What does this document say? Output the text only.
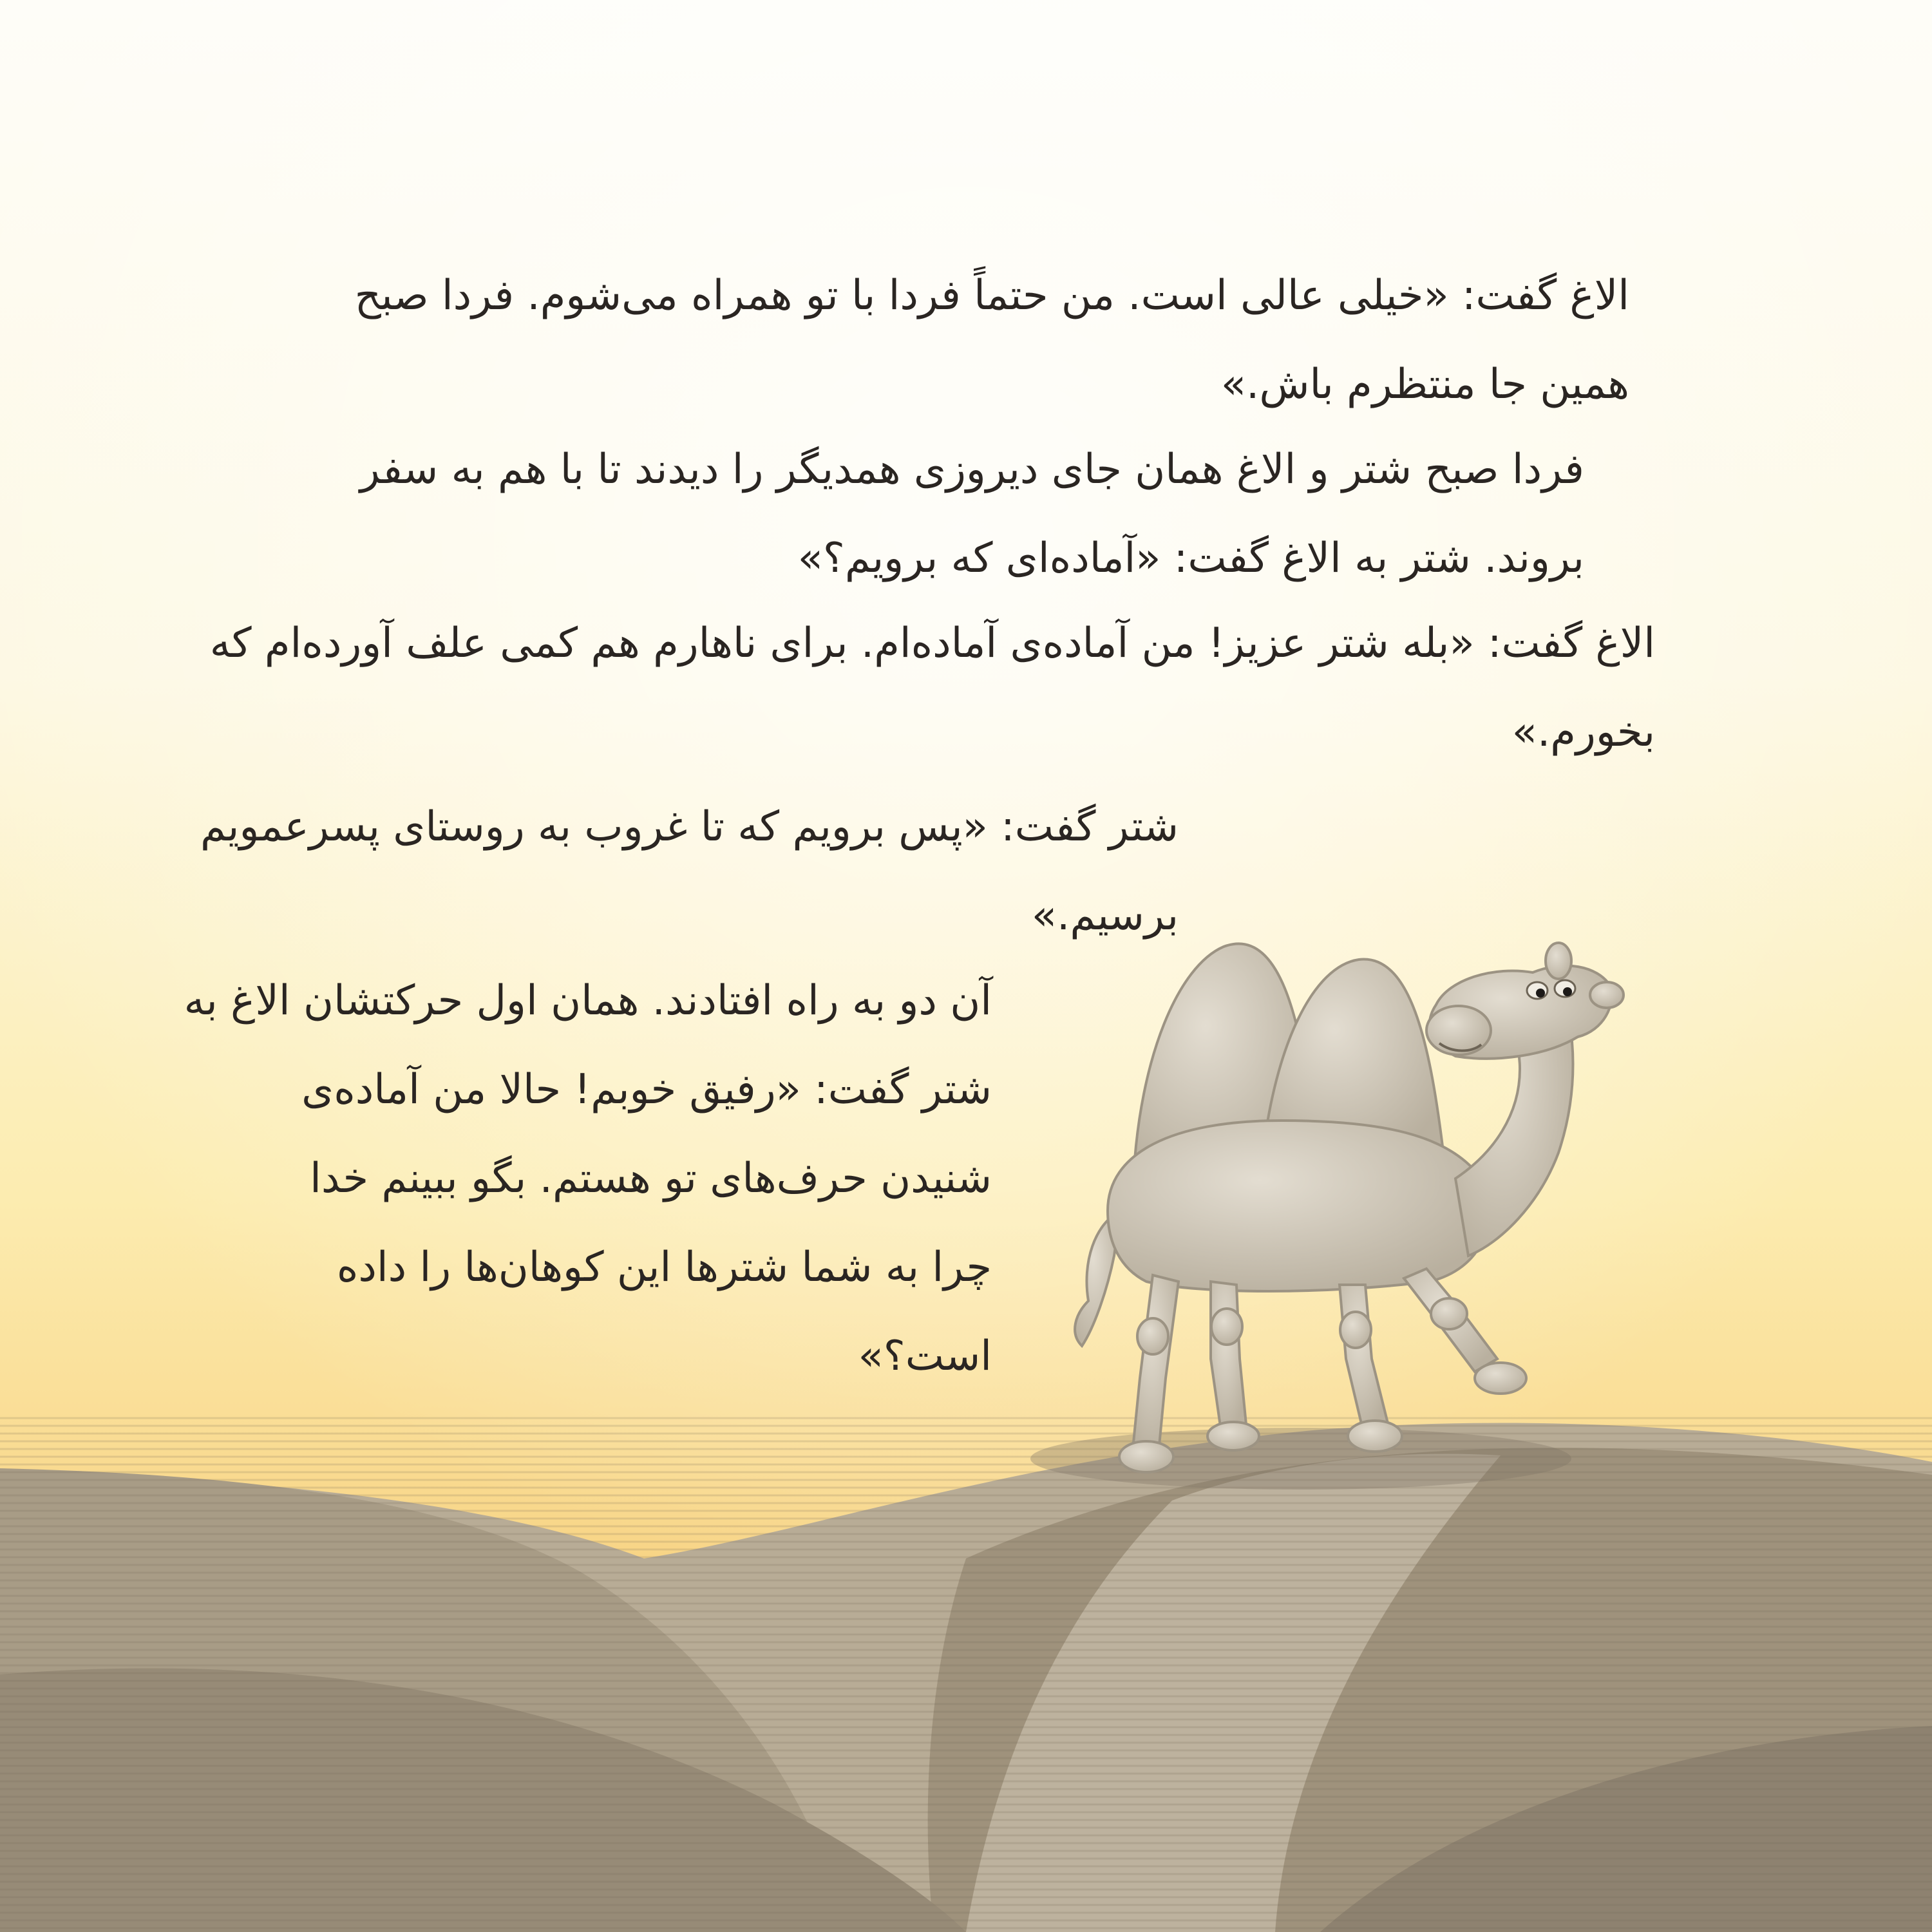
الاغ گفت: «خیلی عالی است. من حتماً فردا با تو همراه می‌شوم. فردا صبح
همین جا منتظرم باش.»

فردا صبح شتر و الاغ همان جای دیروزی همدیگر را دیدند تا با هم به سفر
بروند. شتر به الاغ گفت: «آماده‌ای که برویم؟»

الاغ گفت: «بله شتر عزیز! من آماده‌ی آماده‌ام. برای ناهارم هم کمی علف آورده‌ام که
بخورم.»

شتر گفت: «پس برویم که تا غروب به روستای پسرعمویم
برسیم.»

آن دو به راه افتادند. همان اول حرکتشان الاغ به
شتر گفت: «رفیق خوبم! حالا من آماده‌ی
شنیدن حرف‌های تو هستم. بگو ببینم خدا
چرا به شما شترها این کوهان‌ها را داده
است؟»
